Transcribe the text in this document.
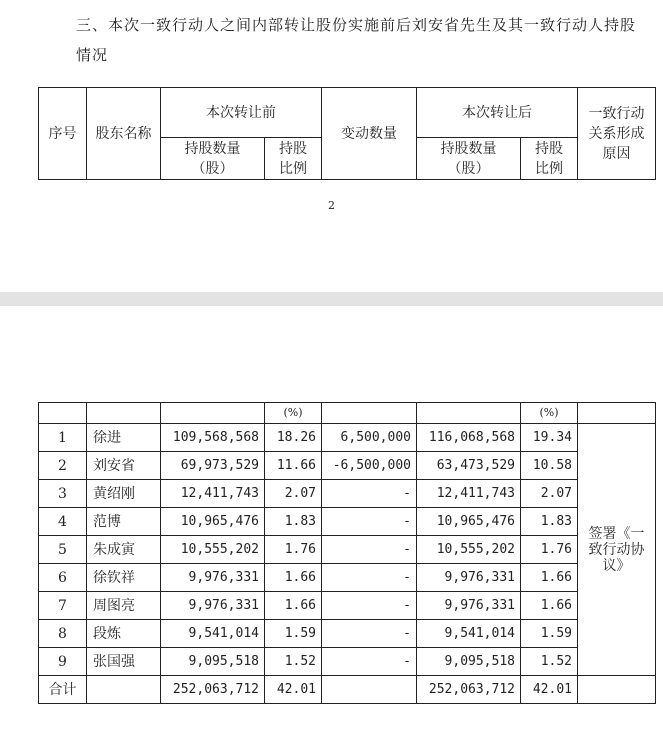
三、本次一致行动人之间内部转让股份实施前后刘安省先生及其一致行动人持股情况
序号	股东名称	本次转让前		变动数量	本次转让后		一致行动关系形成原因
		持股数量（股）	持股比例		持股数量（股）	持股比例	
2
			(%)			(%)	
1	徐进	109,568,568	18.26	6,500,000	116,068,568	19.34	签署《一致行动协议》
2	刘安省	69,973,529	11.66	-6,500,000	63,473,529	10.58	
3	黄绍刚	12,411,743	2.07	-	12,411,743	2.07	
4	范博	10,965,476	1.83	-	10,965,476	1.83	
5	朱成寅	10,555,202	1.76	-	10,555,202	1.76	
6	徐钦祥	9,976,331	1.66	-	9,976,331	1.66	
7	周图亮	9,976,331	1.66	-	9,976,331	1.66	
8	段炼	9,541,014	1.59	-	9,541,014	1.59	
9	张国强	9,095,518	1.52	-	9,095,518	1.52	
合计		252,063,712	42.01		252,063,712	42.01	
